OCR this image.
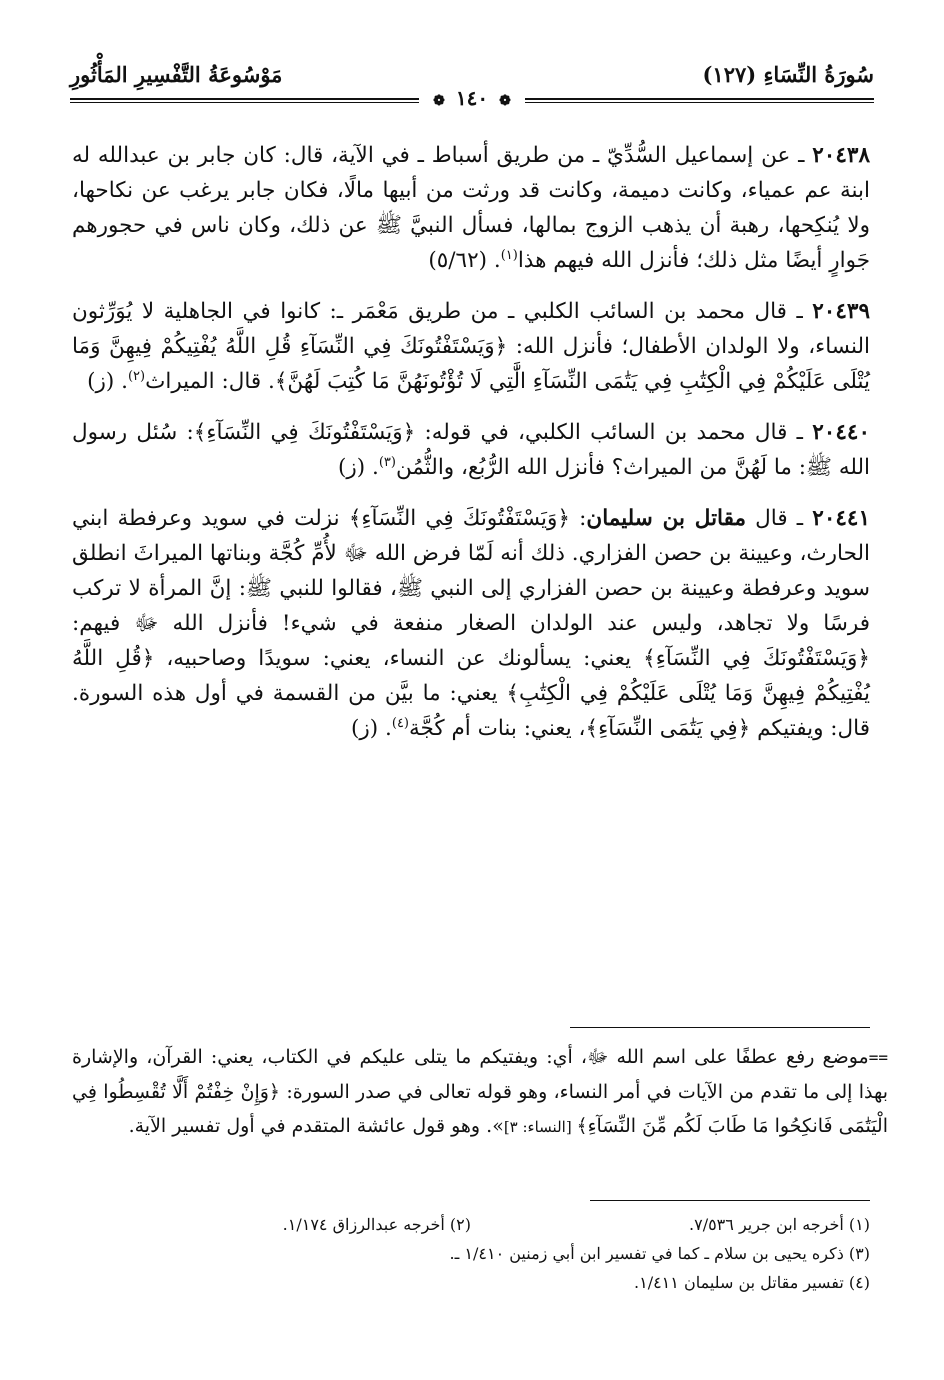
سُورَةُ النِّسَاءِ (١٢٧)
مَوْسُوعَةُ التَّفْسِيرِ المَأْثُورِ
❁ ١٤٠ ❁

٢٠٤٣٨ ـ عن إسماعيل السُّدِّيّ ـ من طريق أسباط ـ في الآية، قال: كان جابر بن عبدالله له ابنة عم عمياء، وكانت دميمة، وكانت قد ورثت من أبيها مالًا، فكان جابر يرغب عن نكاحها، ولا يُنكِحها، رهبة أن يذهب الزوج بمالها، فسأل النبيَّ ﷺ عن ذلك، وكان ناس في حجورهم جَوارٍ أيضًا مثل ذلك؛ فأنزل الله فيهم هذا$^{(١)}$. (٥/٦٢)

٢٠٤٣٩ ـ قال محمد بن السائب الكلبي ـ من طريق مَعْمَر ـ: كانوا في الجاهلية لا يُوَرِّثون النساء، ولا الولدان الأطفال؛ فأنزل الله: ﴿وَيَسْتَفْتُونَكَ فِي النِّسَآءِ قُلِ اللَّهُ يُفْتِيكُمْ فِيهِنَّ وَمَا يُتْلَى عَلَيْكُمْ فِي الْكِتَٰبِ فِي يَتَٰمَى النِّسَآءِ الَّٰتِي لَا تُؤْتُونَهُنَّ مَا كُتِبَ لَهُنَّ﴾. قال: الميراث$^{(٢)}$. (ز)

٢٠٤٤٠ ـ قال محمد بن السائب الكلبي، في قوله: ﴿وَيَسْتَفْتُونَكَ فِي النِّسَآءِ﴾: سُئل رسول الله ﷺ: ما لَهُنَّ من الميراث؟ فأنزل الله الرُّبُع، والثُّمُن$^{(٣)}$. (ز)

٢٠٤٤١ ـ قال مقاتل بن سليمان: ﴿وَيَسْتَفْتُونَكَ فِي النِّسَآءِ﴾ نزلت في سويد وعرفطة ابني الحارث، وعيينة بن حصن الفزاري. ذلك أنه لَمّا فرض الله ﷻ لأُمِّ كُجَّة وبناتها الميراثَ انطلق سويد وعرفطة وعيينة بن حصن الفزاري إلى النبي ﷺ، فقالوا للنبي ﷺ: إنَّ المرأة لا تركب فرسًا ولا تجاهد، وليس عند الولدان الصغار منفعة في شيء! فأنزل الله ﷻ فيهم: ﴿وَيَسْتَفْتُونَكَ فِي النِّسَآءِ﴾ يعني: يسألونك عن النساء، يعني: سويدًا وصاحبيه، ﴿قُلِ اللَّهُ يُفْتِيكُمْ فِيهِنَّ وَمَا يُتْلَى عَلَيْكُمْ فِي الْكِتَٰبِ﴾ يعني: ما بيَّن من القسمة في أول هذه السورة. قال: ويفتيكم ﴿فِي يَتَٰمَى النِّسَآءِ﴾، يعني: بنات أم كُجَّة$^{(٤)}$. (ز)

==موضع رفع عطفًا على اسم الله ﷻ، أي: ويفتيكم ما يتلى عليكم في الكتاب، يعني: القرآن، والإشارة بهذا إلى ما تقدم من الآيات في أمر النساء، وهو قوله تعالى في صدر السورة: ﴿وَإِنْ خِفْتُمْ أَلَّا تُقْسِطُوا فِي الْيَتَٰمَى فَانكِحُوا مَا طَابَ لَكُم مِّنَ النِّسَآءِ﴾ [النساء: ٣]». وهو قول عائشة المتقدم في أول تفسير الآية.
(١) أخرجه ابن جرير ٧/٥٣٦.
(٢) أخرجه عبدالرزاق ١/١٧٤.
(٣) ذكره يحيى بن سلام ـ كما في تفسير ابن أبي زمنين ١/٤١٠ ـ.
(٤) تفسير مقاتل بن سليمان ١/٤١١.
